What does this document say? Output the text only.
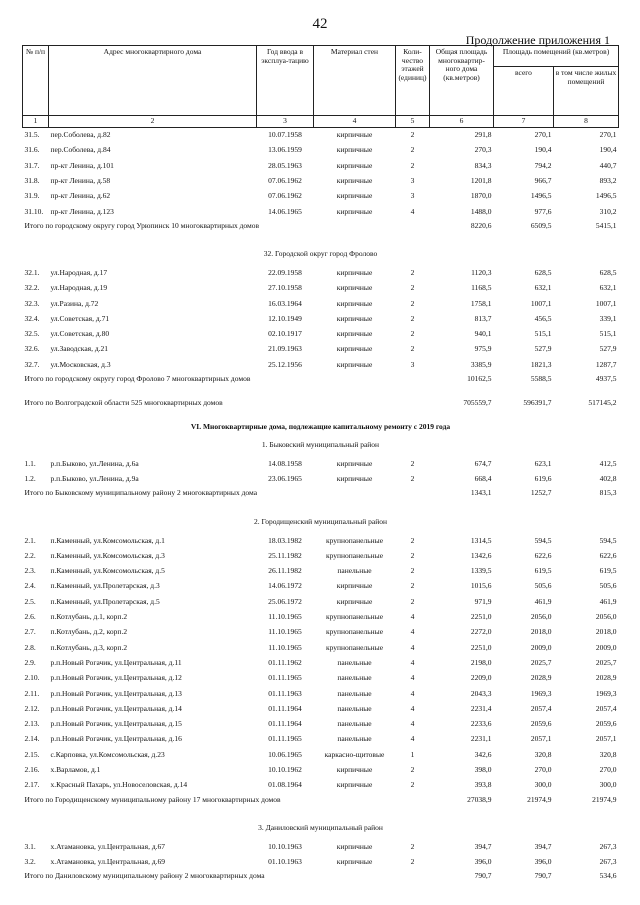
42
Продолжение приложения 1
№ п/п	Адрес многоквартирного дома	Год ввода в эксплуа-тацию	Материал стен	Коли-чество этажей (единиц)	Общая площадь многоквартир-ного дома (кв.метров)	Площадь помещений (кв.метров)	
						всего	в том числе жилых помещений
1	2	3	4	5	6	7	8
31.5.	пер.Соболева, д.82	10.07.1958	кирпичные	2	291,8	270,1	270,1
31.6.	пер.Соболева, д.84	13.06.1959	кирпичные	2	270,3	190,4	190,4
31.7.	пр-кт Ленина, д.101	28.05.1963	кирпичные	2	834,3	794,2	440,7
31.8.	пр-кт Ленина, д.58	07.06.1962	кирпичные	3	1201,8	966,7	893,2
31.9.	пр-кт Ленина, д.62	07.06.1962	кирпичные	3	1870,0	1496,5	1496,5
31.10.	пр-кт Ленина, д.123	14.06.1965	кирпичные	4	1488,0	977,6	310,2
Итого по городскому округу город Урюпинск 10 многоквартирных домов					8220,6	6509,5	5415,1
32. Городской округ город Фролово							
32.1.	ул.Народная, д.17	22.09.1958	кирпичные	2	1120,3	628,5	628,5
32.2.	ул.Народная, д.19	27.10.1958	кирпичные	2	1168,5	632,1	632,1
32.3.	ул.Разина, д.72	16.03.1964	кирпичные	2	1758,1	1007,1	1007,1
32.4.	ул.Советская, д.71	12.10.1949	кирпичные	2	813,7	456,5	339,1
32.5.	ул.Советская, д.80	02.10.1917	кирпичные	2	940,1	515,1	515,1
32.6.	ул.Заводская, д.21	21.09.1963	кирпичные	2	975,9	527,9	527,9
32.7.	ул.Московская, д.3	25.12.1956	кирпичные	3	3385,9	1821,3	1287,7
Итого по городскому округу город Фролово 7 многоквартирных домов					10162,5	5588,5	4937,5
Итого по Волгоградской области 525 многоквартирных домов					705559,7	596391,7	517145,2
VI. Многоквартирные дома, подлежащие капитальному ремонту с 2019 года							
1. Быковский муниципальный район							
1.1.	р.п.Быково, ул.Ленина, д.6а	14.08.1958	кирпичные	2	674,7	623,1	412,5
1.2.	р.п.Быково, ул.Ленина, д.9а	23.06.1965	кирпичные	2	668,4	619,6	402,8
Итого по Быковскому муниципальному району 2 многоквартирных дома					1343,1	1252,7	815,3
2. Городищенский муниципальный район							
2.1.	п.Каменный, ул.Комсомольская, д.1	18.03.1982	крупнопанельные	2	1314,5	594,5	594,5
2.2.	п.Каменный, ул.Комсомольская, д.3	25.11.1982	крупнопанельные	2	1342,6	622,6	622,6
2.3.	п.Каменный, ул.Комсомольская, д.5	26.11.1982	панельные	2	1339,5	619,5	619,5
2.4.	п.Каменный, ул.Пролетарская, д.3	14.06.1972	кирпичные	2	1015,6	505,6	505,6
2.5.	п.Каменный, ул.Пролетарская, д.5	25.06.1972	кирпичные	2	971,9	461,9	461,9
2.6.	п.Котлубань, д.1, корп.2	11.10.1965	крупнопанельные	4	2251,0	2056,0	2056,0
2.7.	п.Котлубань, д.2, корп.2	11.10.1965	крупнопанельные	4	2272,0	2018,0	2018,0
2.8.	п.Котлубань, д.3, корп.2	11.10.1965	крупнопанельные	4	2251,0	2009,0	2009,0
2.9.	р.п.Новый Рогачик, ул.Центральная, д.11	01.11.1962	панельные	4	2198,0	2025,7	2025,7
2.10.	р.п.Новый Рогачик, ул.Центральная, д.12	01.11.1965	панельные	4	2209,0	2028,9	2028,9
2.11.	р.п.Новый Рогачик, ул.Центральная, д.13	01.11.1963	панельные	4	2043,3	1969,3	1969,3
2.12.	р.п.Новый Рогачик, ул.Центральная, д.14	01.11.1964	панельные	4	2231,4	2057,4	2057,4
2.13.	р.п.Новый Рогачик, ул.Центральная, д.15	01.11.1964	панельные	4	2233,6	2059,6	2059,6
2.14.	р.п.Новый Рогачик, ул.Центральная, д.16	01.11.1965	панельные	4	2231,1	2057,1	2057,1
2.15.	с.Карповка, ул.Комсомольская, д.23	10.06.1965	каркасно-щитовые	1	342,6	320,8	320,8
2.16.	х.Варламов, д.1	10.10.1962	кирпичные	2	398,0	270,0	270,0
2.17.	х.Красный Пахарь, ул.Новоселовская, д.14	01.08.1964	кирпичные	2	393,8	300,0	300,0
Итого по Городищенскому муниципальному району 17 многоквартирных домов					27038,9	21974,9	21974,9
3. Даниловский муниципальный район							
3.1.	х.Атамановка, ул.Центральная, д.67	10.10.1963	кирпичные	2	394,7	394,7	267,3
3.2.	х.Атамановка, ул.Центральная, д.69	01.10.1963	кирпичные	2	396,0	396,0	267,3
Итого по Даниловскому муниципальному району 2 многоквартирных дома					790,7	790,7	534,6
